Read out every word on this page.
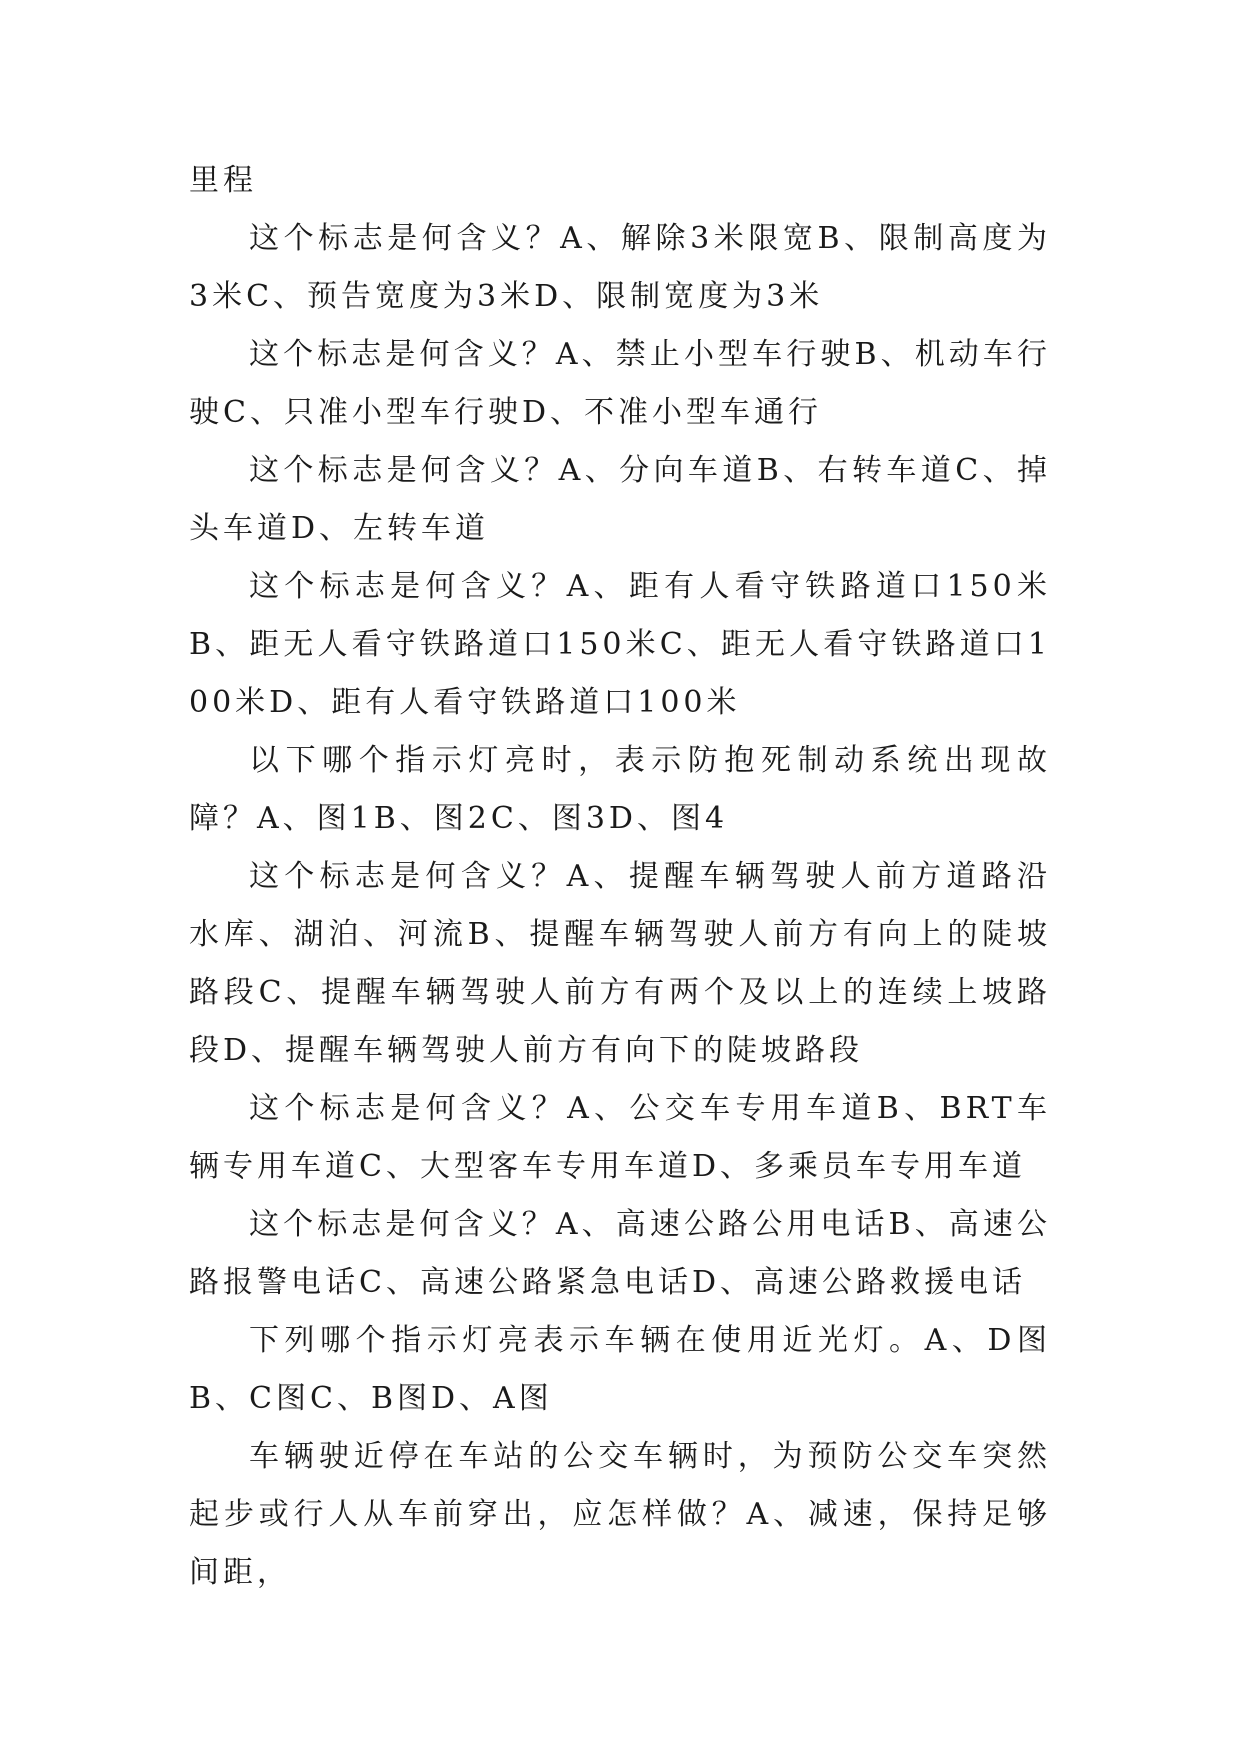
里程

这个标志是何含义？A、解除3米限宽B、限制高度为3米C、预告宽度为3米D、限制宽度为3米

这个标志是何含义？A、禁止小型车行驶B、机动车行驶C、只准小型车行驶D、不准小型车通行

这个标志是何含义？A、分向车道B、右转车道C、掉头车道D、左转车道

这个标志是何含义？A、距有人看守铁路道口150米B、距无人看守铁路道口150米C、距无人看守铁路道口100米D、距有人看守铁路道口100米

以下哪个指示灯亮时，表示防抱死制动系统出现故障？A、图1B、图2C、图3D、图4

这个标志是何含义？A、提醒车辆驾驶人前方道路沿水库、湖泊、河流B、提醒车辆驾驶人前方有向上的陡坡路段C、提醒车辆驾驶人前方有两个及以上的连续上坡路段D、提醒车辆驾驶人前方有向下的陡坡路段

这个标志是何含义？A、公交车专用车道B、BRT车辆专用车道C、大型客车专用车道D、多乘员车专用车道

这个标志是何含义？A、高速公路公用电话B、高速公路报警电话C、高速公路紧急电话D、高速公路救援电话

下列哪个指示灯亮表示车辆在使用近光灯。A、D图B、C图C、B图D、A图

车辆驶近停在车站的公交车辆时，为预防公交车突然起步或行人从车前穿出，应怎样做？A、减速，保持足够间距，
